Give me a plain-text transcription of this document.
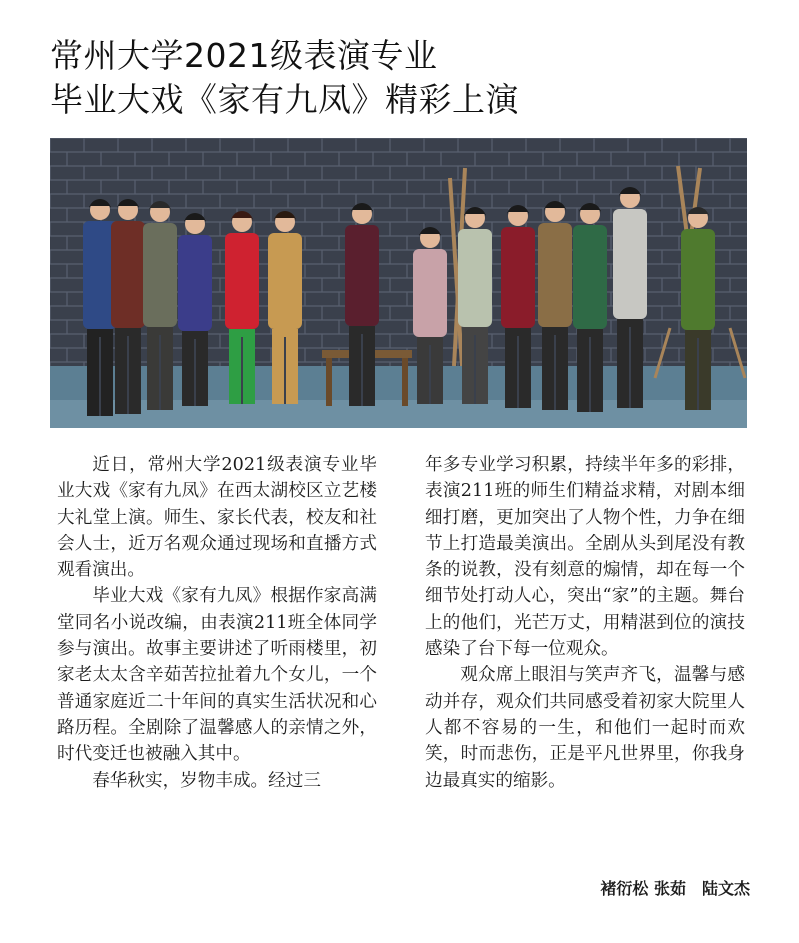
常州大学2021级表演专业
毕业大戏《家有九凤》精彩上演

近日，常州大学2021级表演专业毕业大戏《家有九凤》在西太湖校区立艺楼大礼堂上演。师生、家长代表，校友和社会人士，近万名观众通过现场和直播方式观看演出。

毕业大戏《家有九凤》根据作家高满堂同名小说改编，由表演211班全体同学参与演出。故事主要讲述了听雨楼里，初家老太太含辛茹苦拉扯着九个女儿，一个普通家庭近二十年间的真实生活状况和心路历程。全剧除了温馨感人的亲情之外，时代变迁也被融入其中。

春华秋实，岁物丰成。经过三

年多专业学习积累，持续半年多的彩排，表演211班的师生们精益求精，对剧本细细打磨，更加突出了人物个性，力争在细节上打造最美演出。全剧从头到尾没有教条的说教，没有刻意的煽情，却在每一个细节处打动人心，突出“家”的主题。舞台上的他们，光芒万丈，用精湛到位的演技感染了台下每一位观众。

观众席上眼泪与笑声齐飞，温馨与感动并存，观众们共同感受着初家大院里人人都不容易的一生，和他们一起时而欢笑，时而悲伤，正是平凡世界里，你我身边最真实的缩影。

褚衍松 张茹　陆文杰
